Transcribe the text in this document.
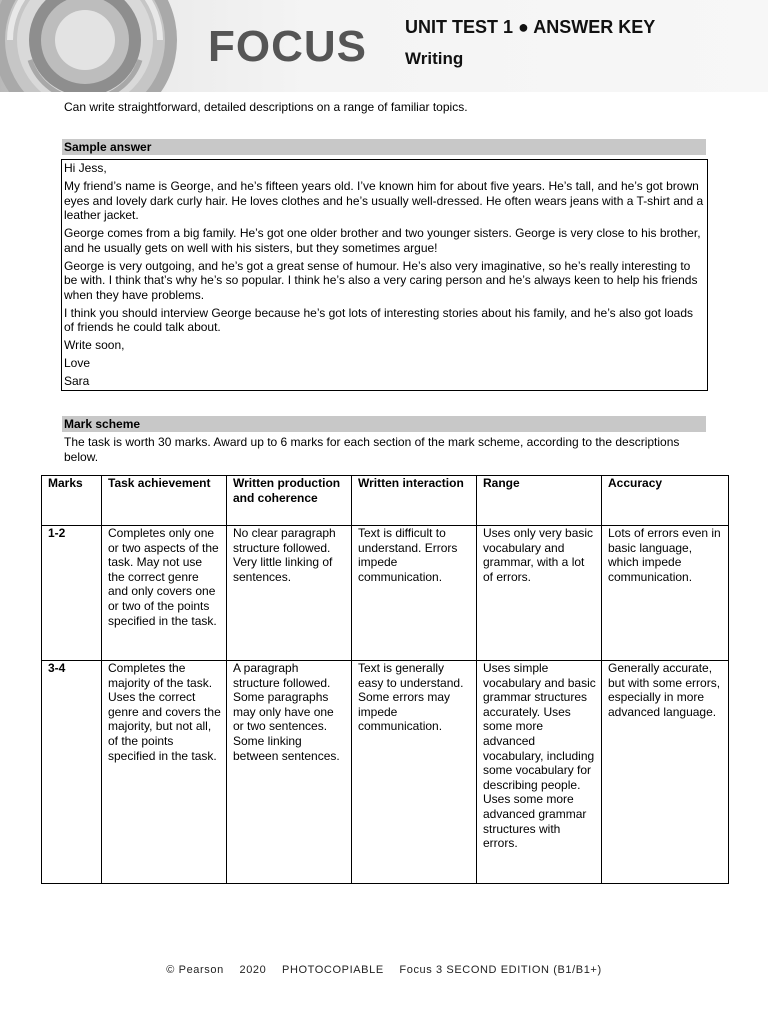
FOCUS UNIT TEST 1 ● ANSWER KEY
Writing
Can write straightforward, detailed descriptions on a range of familiar topics.
Sample answer

Hi Jess,

My friend’s name is George, and he’s fifteen years old. I’ve known him for about five years. He’s tall, and he’s got brown eyes and lovely dark curly hair. He loves clothes and he’s usually well-dressed. He often wears jeans with a T-shirt and a leather jacket.

George comes from a big family. He’s got one older brother and two younger sisters. George is very close to his brother, and he usually gets on well with his sisters, but they sometimes argue!

George is very outgoing, and he’s got a great sense of humour. He’s also very imaginative, so he’s really interesting to be with. I think that’s why he’s so popular. I think he’s also a very caring person and he’s always keen to help his friends when they have problems.

I think you should interview George because he’s got lots of interesting stories about his family, and he’s also got loads of friends he could talk about.

Write soon,

Love

Sara

Mark scheme
The task is worth 30 marks. Award up to 6 marks for each section of the mark scheme, according to the descriptions below.
Marks	Task achievement	Written production and coherence	Written interaction	Range	Accuracy
1-2	Completes only one or two aspects of the task. May not use the correct genre and only covers one or two of the points specified in the task.	No clear paragraph structure followed. Very little linking of sentences.	Text is difficult to understand. Errors impede communication.	Uses only very basic vocabulary and grammar, with a lot of errors.	Lots of errors even in basic language, which impede communication.
3-4	Completes the majority of the task. Uses the correct genre and covers the majority, but not all, of the points specified in the task.	A paragraph structure followed. Some paragraphs may only have one or two sentences. Some linking between sentences.	Text is generally easy to understand. Some errors may impede communication.	Uses simple vocabulary and basic grammar structures accurately. Uses some more advanced vocabulary, including some vocabulary for describing people. Uses some more advanced grammar structures with errors.	Generally accurate, but with some errors, especially in more advanced language.
© Pearson 2020 PHOTOCOPIABLE Focus 3 SECOND EDITION (B1/B1+)
